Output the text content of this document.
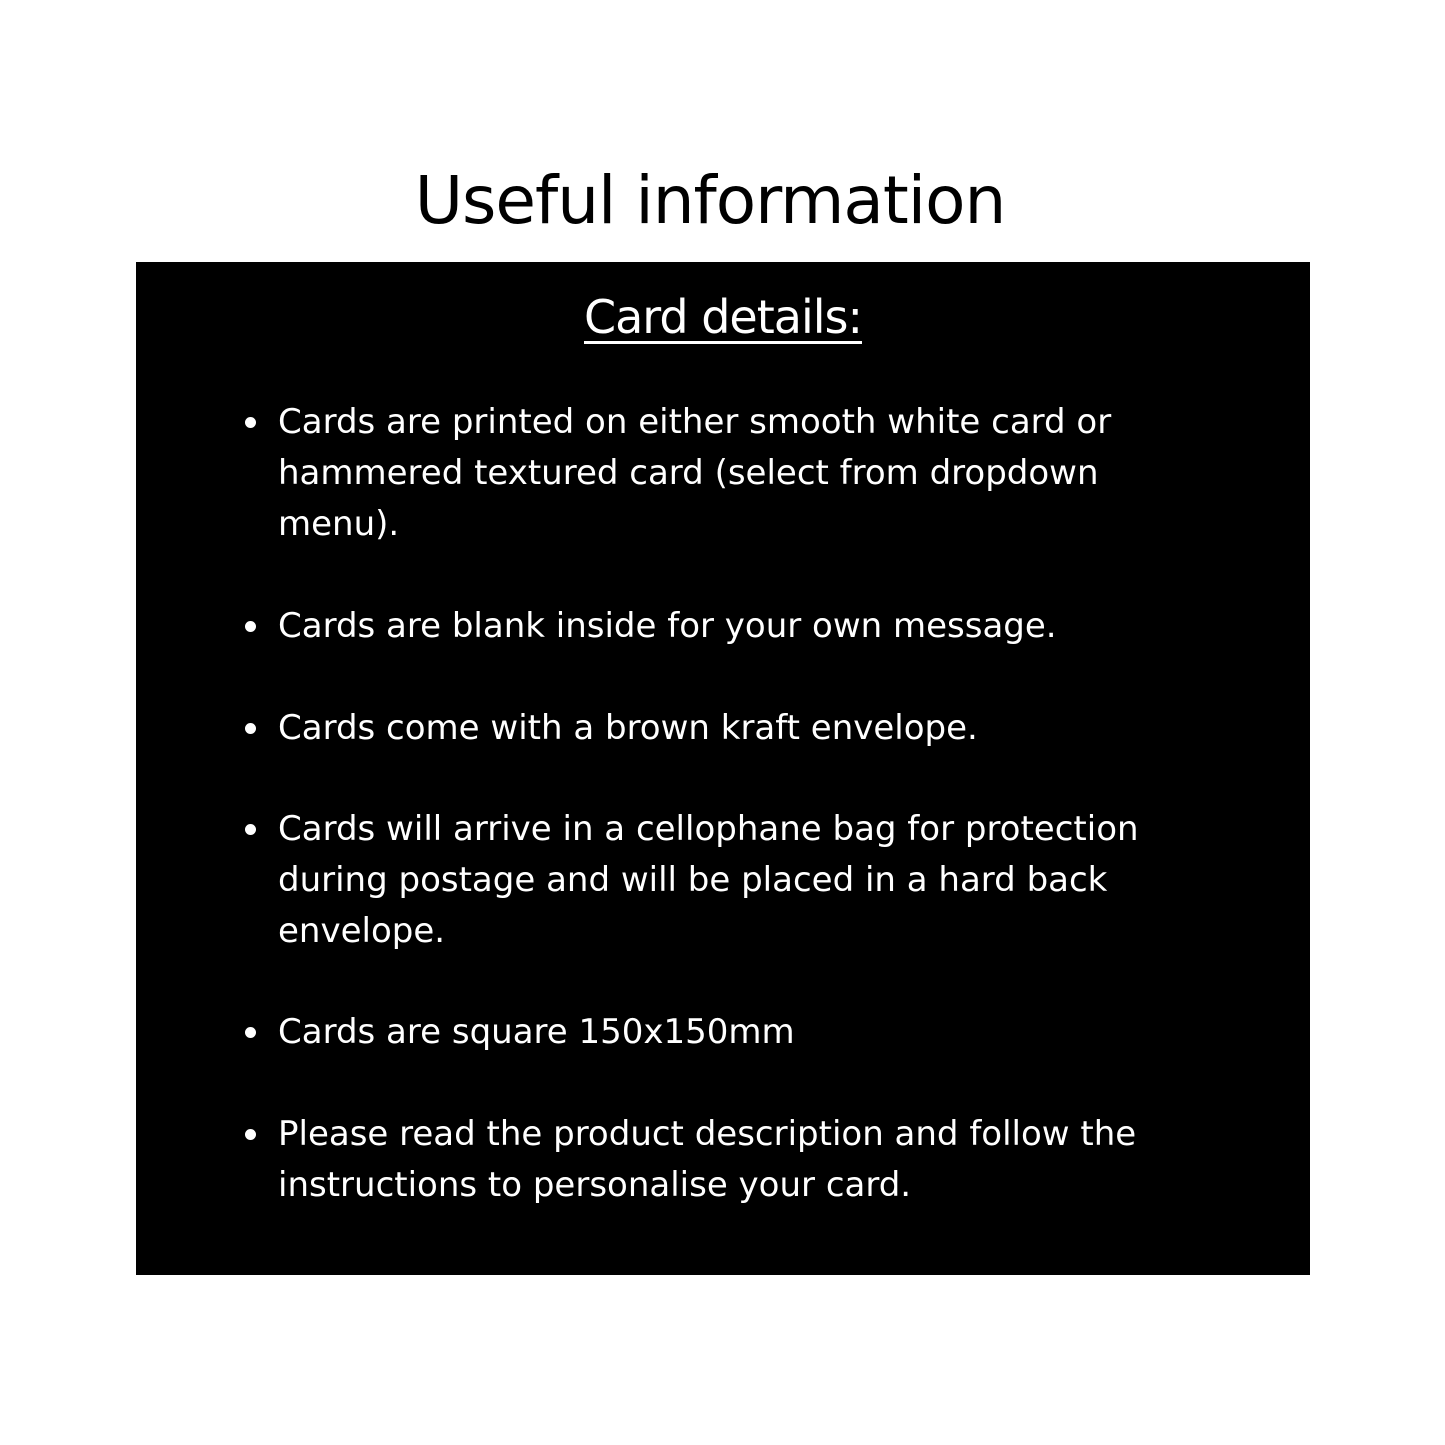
Useful information
Card details:
Cards are printed on either smooth white card or hammered textured card (select from dropdown menu).
Cards are blank inside for your own message.
Cards come with a brown kraft envelope.
Cards will arrive in a cellophane bag for protection during postage and will be placed in a hard back envelope.
Cards are square 150x150mm
Please read the product description and follow the instructions to personalise your card.
